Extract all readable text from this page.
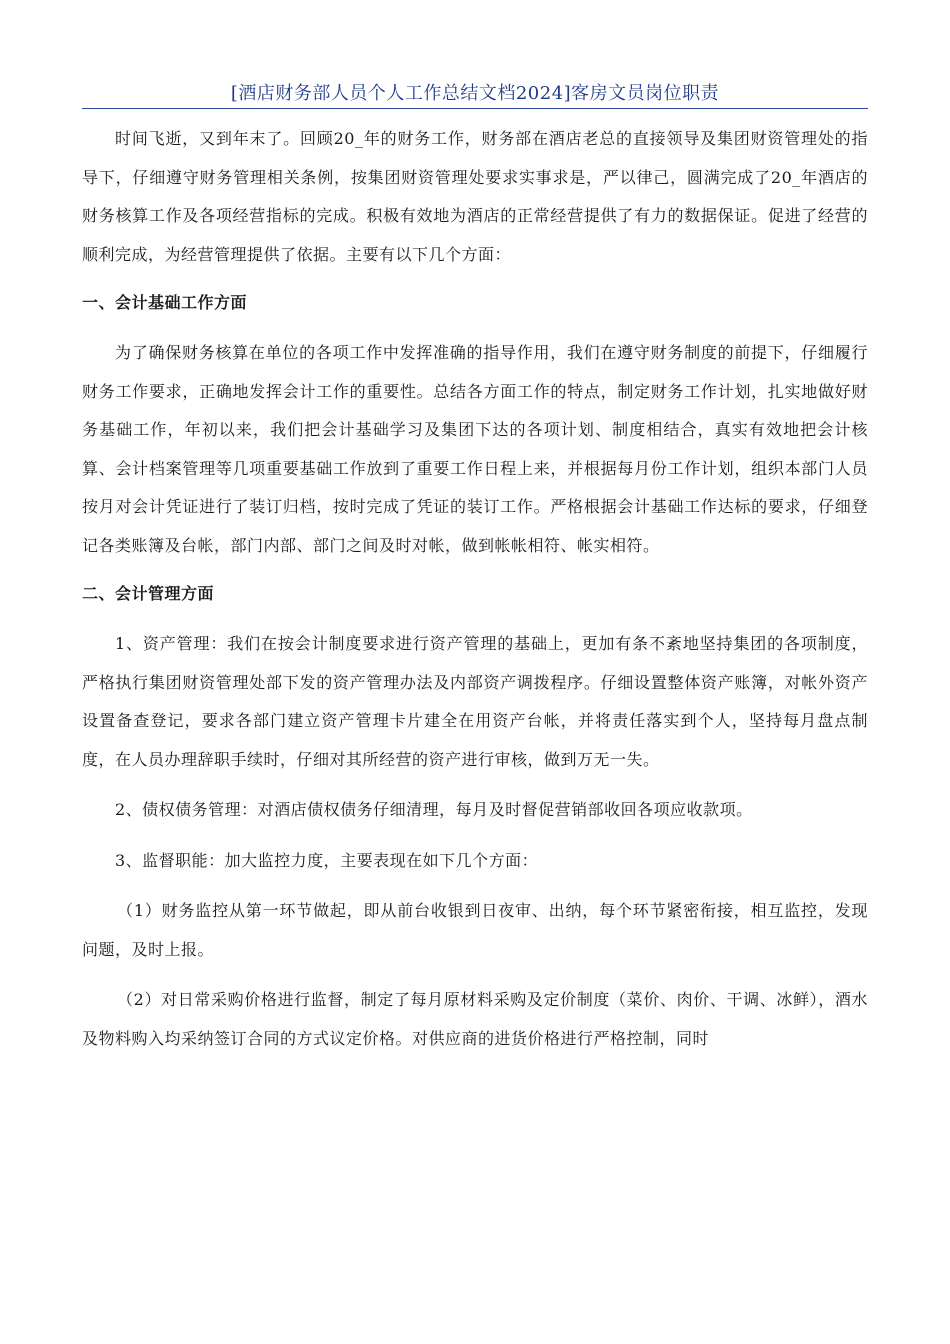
[酒店财务部人员个人工作总结文档2024]客房文员岗位职责

时间飞逝，又到年末了。回顾20_年的财务工作，财务部在酒店老总的直接领导及集团财资管理处的指导下，仔细遵守财务管理相关条例，按集团财资管理处要求实事求是，严以律己，圆满完成了20_年酒店的财务核算工作及各项经营指标的完成。积极有效地为酒店的正常经营提供了有力的数据保证。促进了经营的顺利完成，为经营管理提供了依据。主要有以下几个方面：

一、会计基础工作方面

为了确保财务核算在单位的各项工作中发挥准确的指导作用，我们在遵守财务制度的前提下，仔细履行财务工作要求，正确地发挥会计工作的重要性。总结各方面工作的特点，制定财务工作计划，扎实地做好财务基础工作，年初以来，我们把会计基础学习及集团下达的各项计划、制度相结合，真实有效地把会计核算、会计档案管理等几项重要基础工作放到了重要工作日程上来，并根据每月份工作计划，组织本部门人员按月对会计凭证进行了装订归档，按时完成了凭证的装订工作。严格根据会计基础工作达标的要求，仔细登记各类账簿及台帐，部门内部、部门之间及时对帐，做到帐帐相符、帐实相符。

二、会计管理方面

1、资产管理：我们在按会计制度要求进行资产管理的基础上，更加有条不紊地坚持集团的各项制度，严格执行集团财资管理处部下发的资产管理办法及内部资产调拨程序。仔细设置整体资产账簿，对帐外资产设置备查登记，要求各部门建立资产管理卡片建全在用资产台帐，并将责任落实到个人，坚持每月盘点制度，在人员办理辞职手续时，仔细对其所经营的资产进行审核，做到万无一失。

2、债权债务管理：对酒店债权债务仔细清理，每月及时督促营销部收回各项应收款项。

3、监督职能：加大监控力度，主要表现在如下几个方面：

（1）财务监控从第一环节做起，即从前台收银到日夜审、出纳，每个环节紧密衔接，相互监控，发现问题，及时上报。

（2）对日常采购价格进行监督，制定了每月原材料采购及定价制度（菜价、肉价、干调、冰鲜），酒水及物料购入均采纳签订合同的方式议定价格。对供应商的进货价格进行严格控制，同时
